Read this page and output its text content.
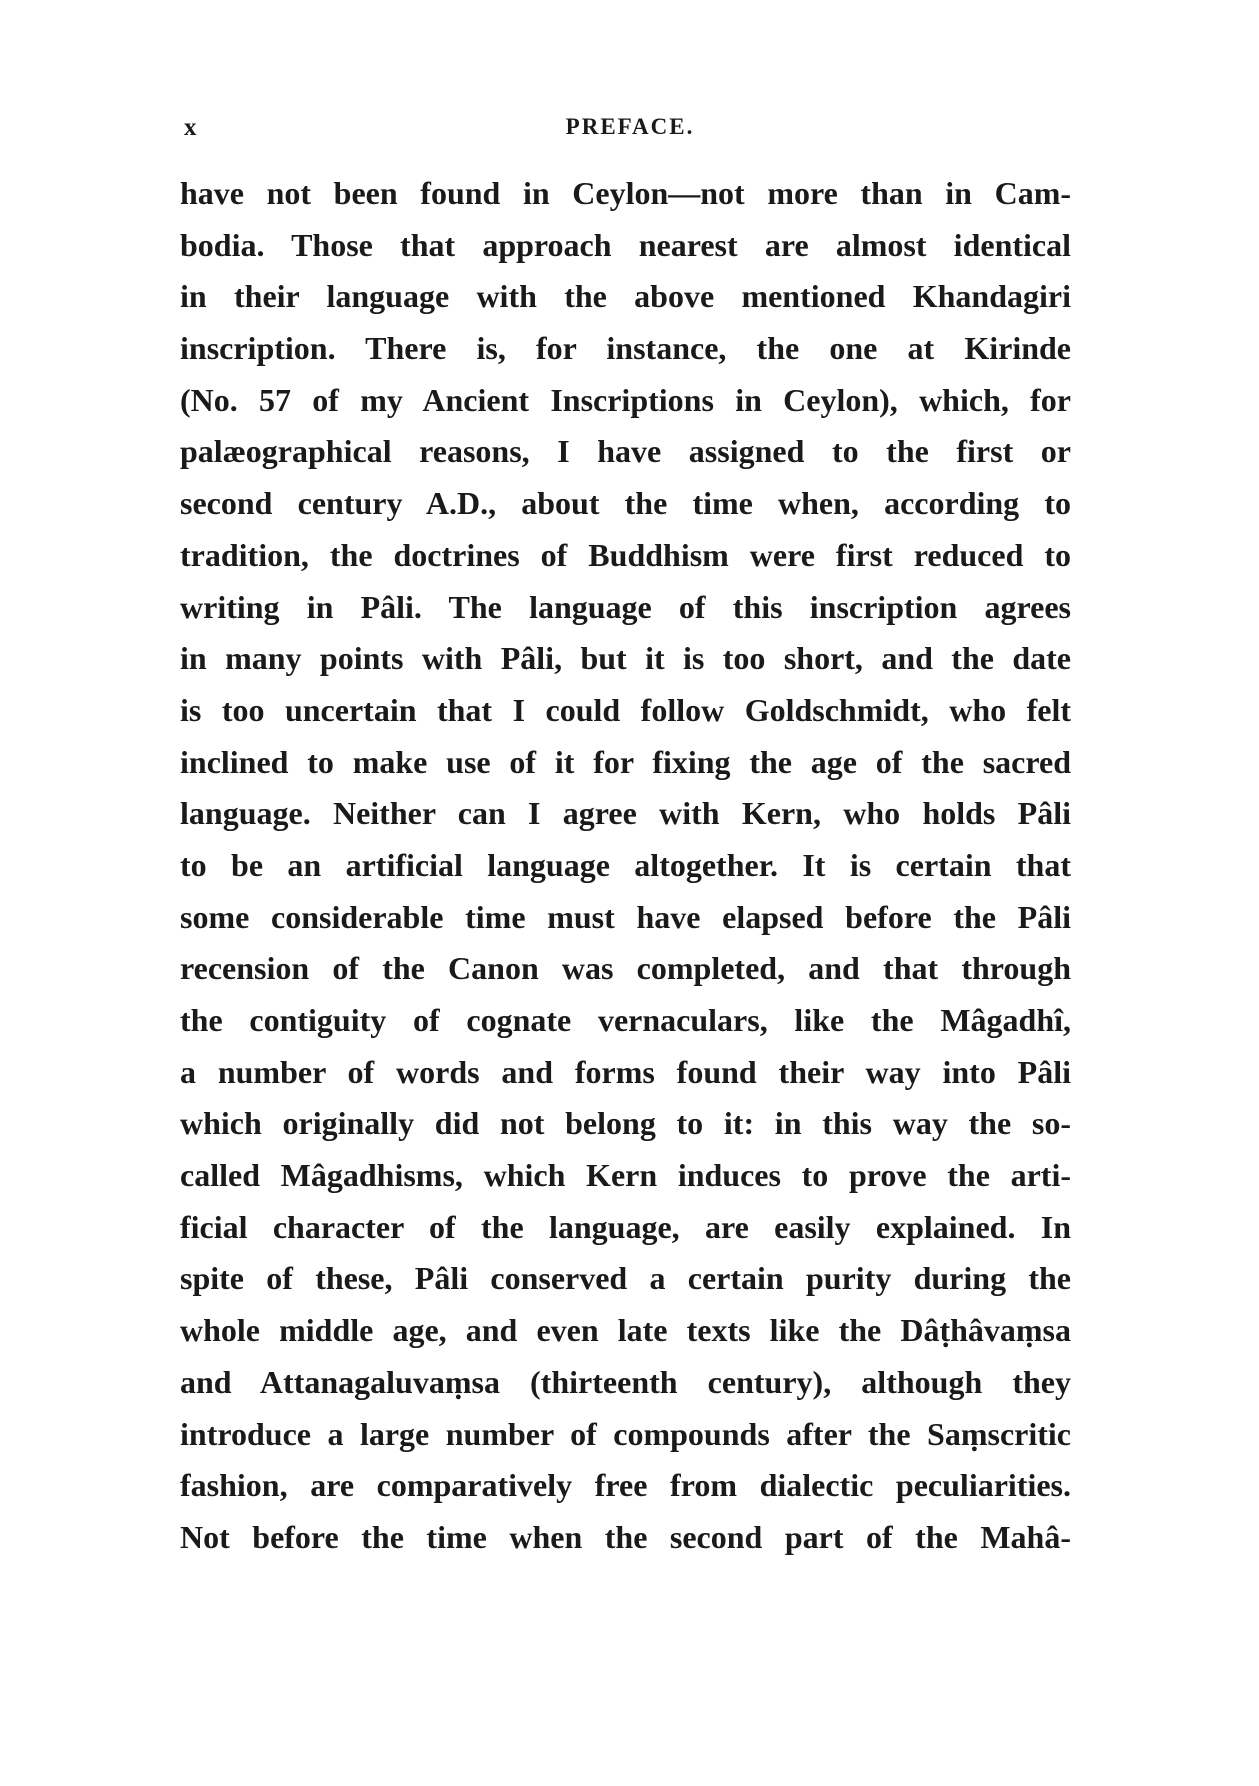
x	PREFACE.
have not been found in Ceylon—not more than in Cam-
bodia. Those that approach nearest are almost identical
in their language with the above mentioned Khandagiri
inscription. There is, for instance, the one at Kirinde
(No. 57 of my Ancient Inscriptions in Ceylon), which, for
palæographical reasons, I have assigned to the first or
second century A.D., about the time when, according to
tradition, the doctrines of Buddhism were first reduced to
writing in Pâli. The language of this inscription agrees
in many points with Pâli, but it is too short, and the date
is too uncertain that I could follow Goldschmidt, who felt
inclined to make use of it for fixing the age of the sacred
language. Neither can I agree with Kern, who holds Pâli
to be an artificial language altogether. It is certain that
some considerable time must have elapsed before the Pâli
recension of the Canon was completed, and that through
the contiguity of cognate vernaculars, like the Mâgadhî,
a number of words and forms found their way into Pâli
which originally did not belong to it: in this way the so-
called Mâgadhisms, which Kern induces to prove the arti-
ficial character of the language, are easily explained. In
spite of these, Pâli conserved a certain purity during the
whole middle age, and even late texts like the Dâṭhâvaṃsa
and Attanagaluvaṃsa (thirteenth century), although they
introduce a large number of compounds after the Saṃscritic
fashion, are comparatively free from dialectic peculiarities.
Not before the time when the second part of the Mahâ-
